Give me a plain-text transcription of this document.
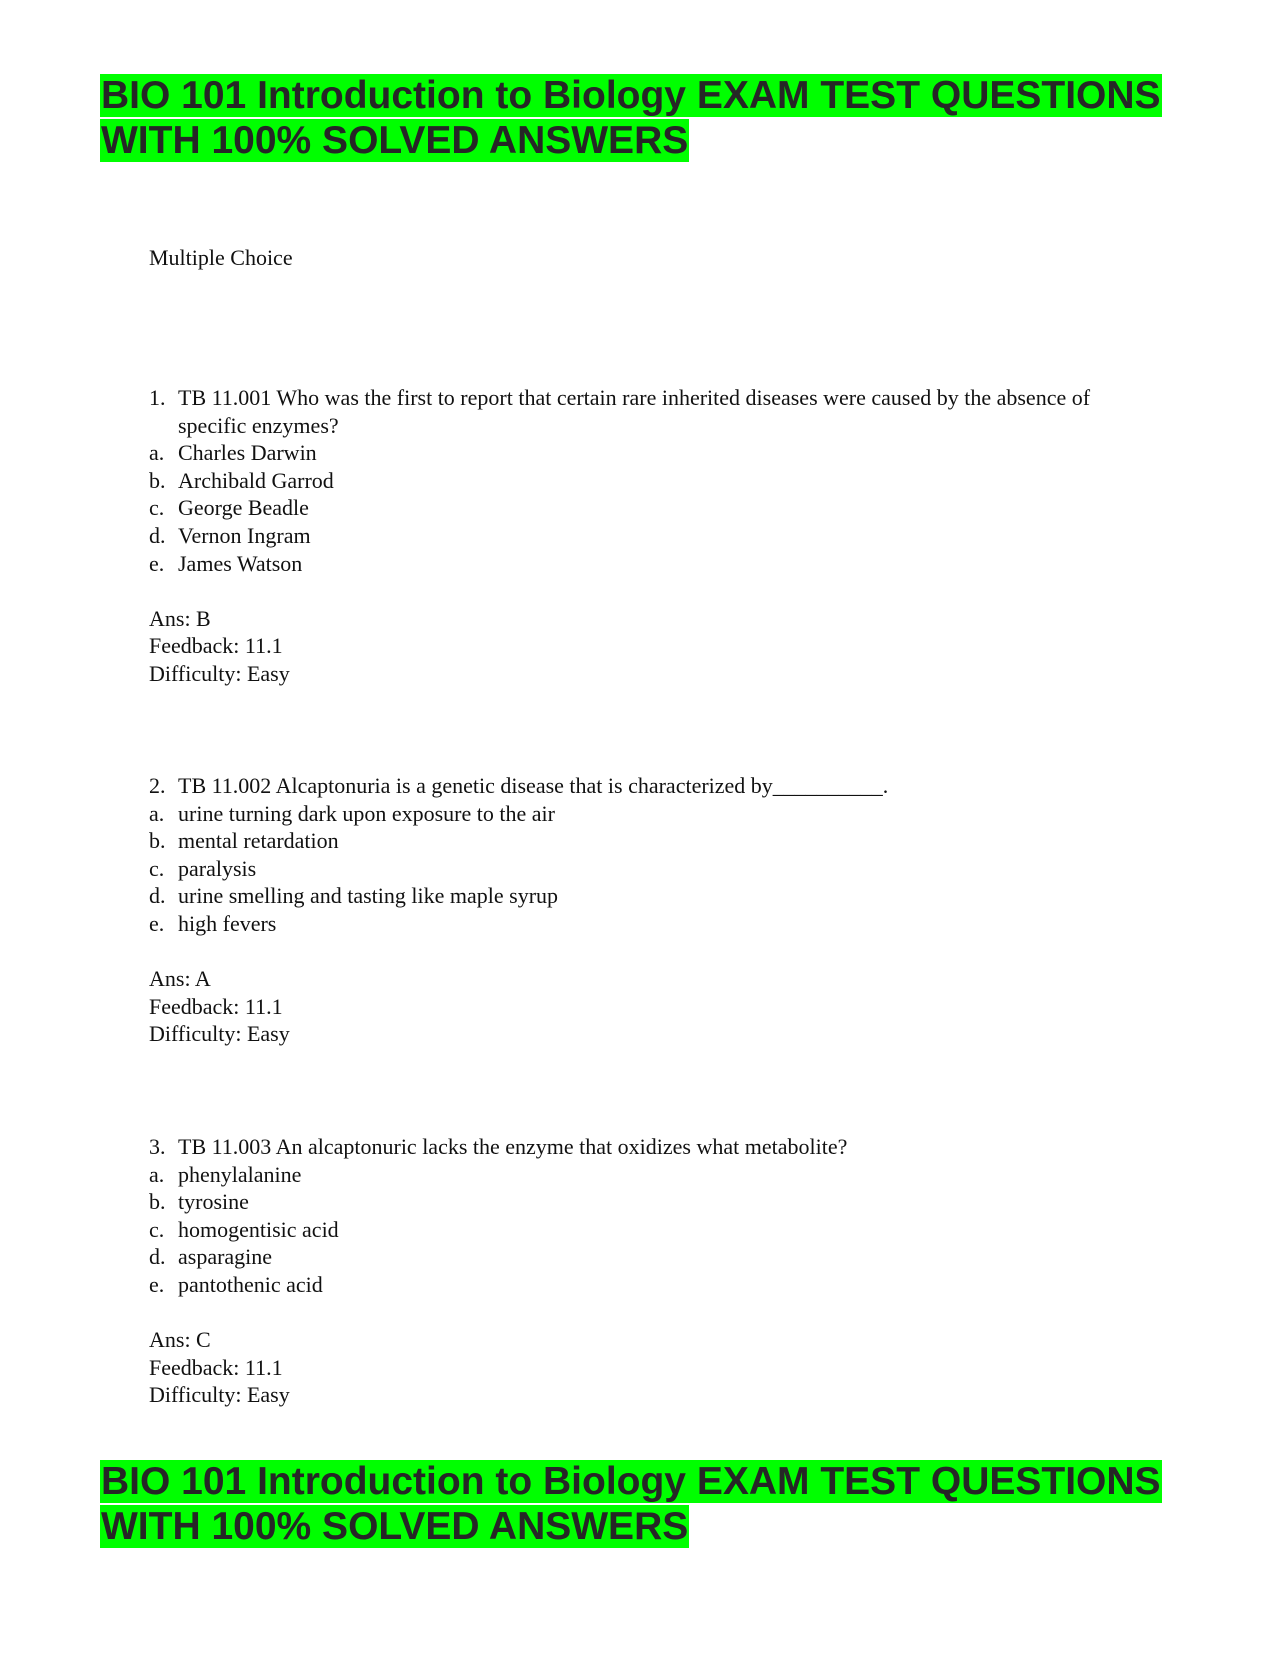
BIO 101 Introduction to Biology EXAM TEST QUESTIONS
WITH 100% SOLVED ANSWERS
Multiple Choice
1. TB 11.001 Who was the first to report that certain rare inherited diseases were caused by the absence of specific enzymes?
a. Charles Darwin
b. Archibald Garrod
c. George Beadle
d. Vernon Ingram
e. James Watson
Ans: B
Feedback: 11.1
Difficulty: Easy
2. TB 11.002 Alcaptonuria is a genetic disease that is characterized by__________.
a. urine turning dark upon exposure to the air
b. mental retardation
c. paralysis
d. urine smelling and tasting like maple syrup
e. high fevers
Ans: A
Feedback: 11.1
Difficulty: Easy
3. TB 11.003 An alcaptonuric lacks the enzyme that oxidizes what metabolite?
a. phenylalanine
b. tyrosine
c. homogentisic acid
d. asparagine
e. pantothenic acid
Ans: C
Feedback: 11.1
Difficulty: Easy
BIO 101 Introduction to Biology EXAM TEST QUESTIONS
WITH 100% SOLVED ANSWERS
